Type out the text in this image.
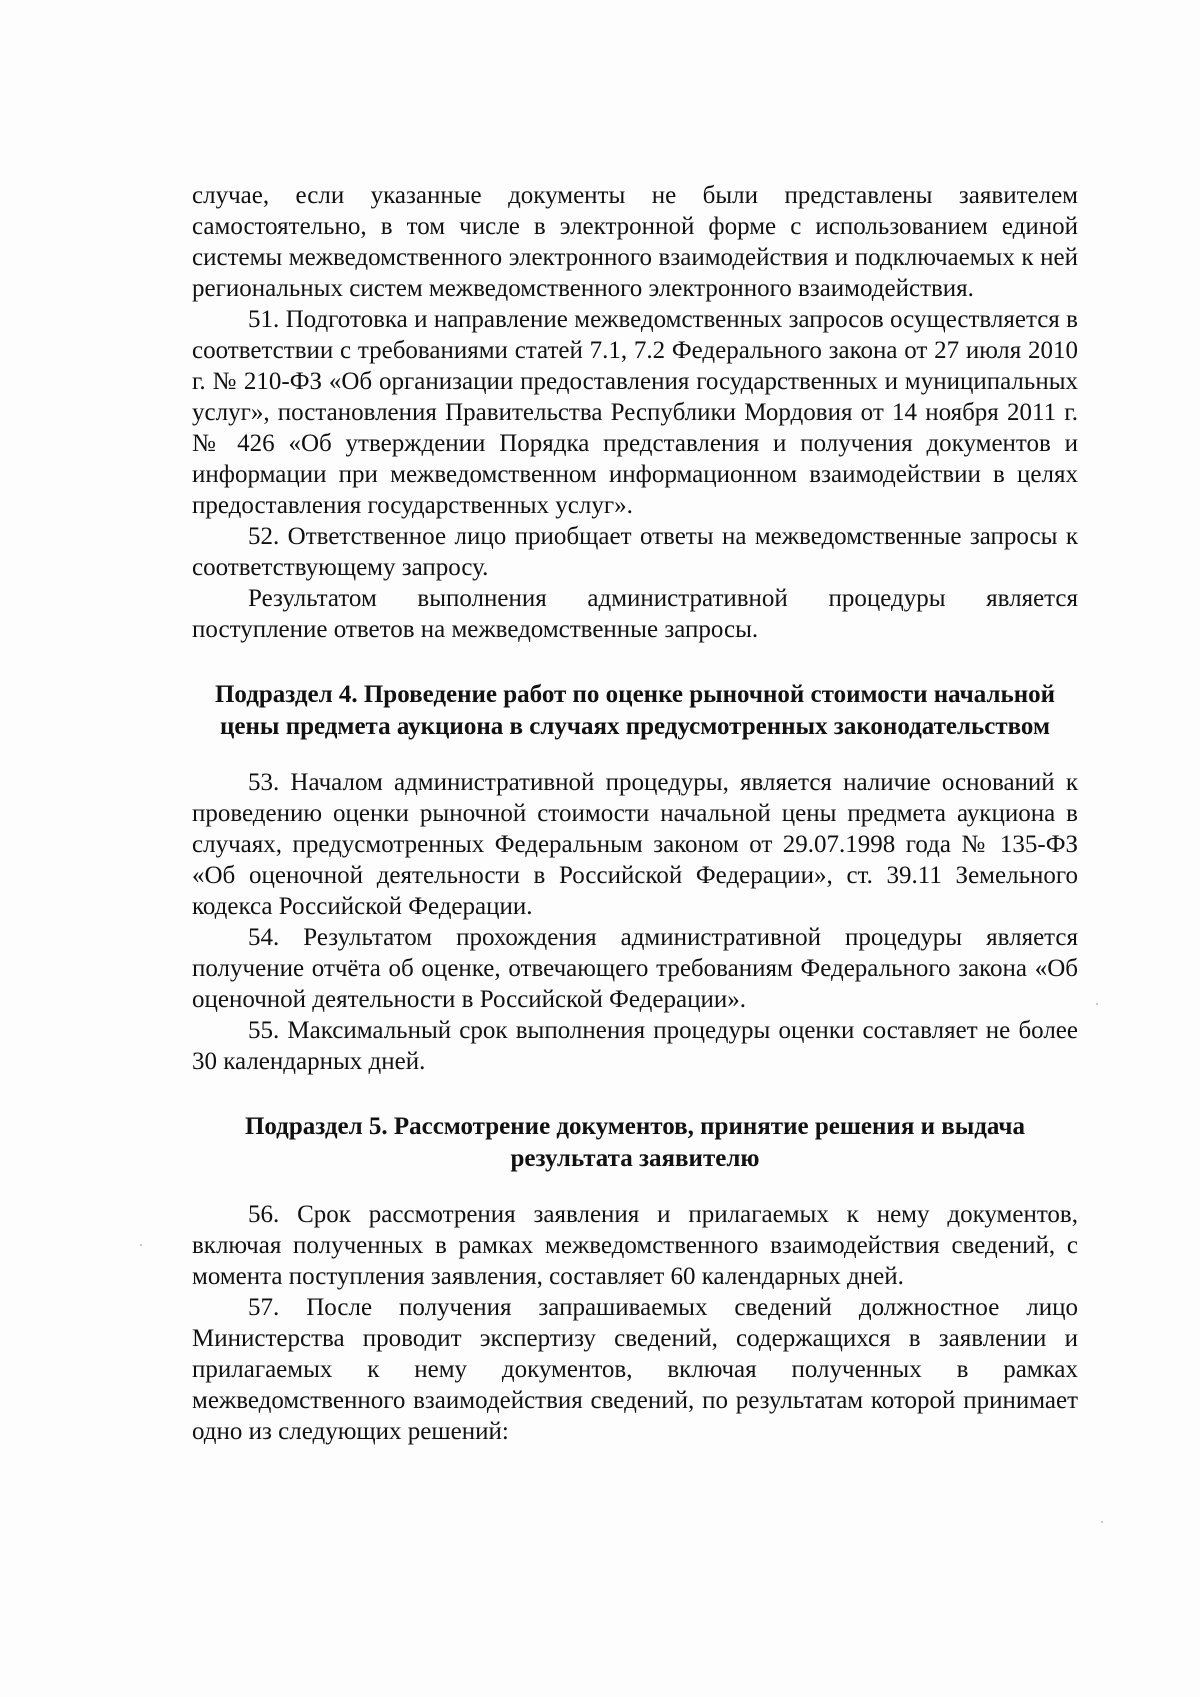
случае, если указанные документы не были представлены заявителем самостоятельно, в том числе в электронной форме с использованием единой системы межведомственного электронного взаимодействия и подключаемых к ней региональных систем межведомственного электронного взаимодействия.

51. Подготовка и направление межведомственных запросов осуществляется в соответствии с требованиями статей 7.1, 7.2 Федерального закона от 27 июля 2010 г. № 210-ФЗ «Об организации предоставления государственных и муниципальных услуг», постановления Правительства Республики Мордовия от 14 ноября 2011 г. № 426 «Об утверждении Порядка представления и получения документов и информации при межведомственном информационном взаимодействии в целях предоставления государственных услуг».

52. Ответственное лицо приобщает ответы на межведомственные запросы к соответствующему запросу.

Результатом выполнения административной процедуры является поступление ответов на межведомственные запросы.

Подраздел 4. Проведение работ по оценке рыночной стоимости начальной цены предмета аукциона в случаях предусмотренных законодательством

53. Началом административной процедуры, является наличие оснований к проведению оценки рыночной стоимости начальной цены предмета аукциона в случаях, предусмотренных Федеральным законом от 29.07.1998 года № 135-ФЗ «Об оценочной деятельности в Российской Федерации», ст. 39.11 Земельного кодекса Российской Федерации.

54. Результатом прохождения административной процедуры является получение отчёта об оценке, отвечающего требованиям Федерального закона «Об оценочной деятельности в Российской Федерации».

55. Максимальный срок выполнения процедуры оценки составляет не более 30 календарных дней.

Подраздел 5. Рассмотрение документов, принятие решения и выдача результата заявителю

56. Срок рассмотрения заявления и прилагаемых к нему документов, включая полученных в рамках межведомственного взаимодействия сведений, с момента поступления заявления, составляет 60 календарных дней.

57. После получения запрашиваемых сведений должностное лицо Министерства проводит экспертизу сведений, содержащихся в заявлении и прилагаемых к нему документов, включая полученных в рамках межведомственного взаимодействия сведений, по результатам которой принимает одно из следующих решений:
